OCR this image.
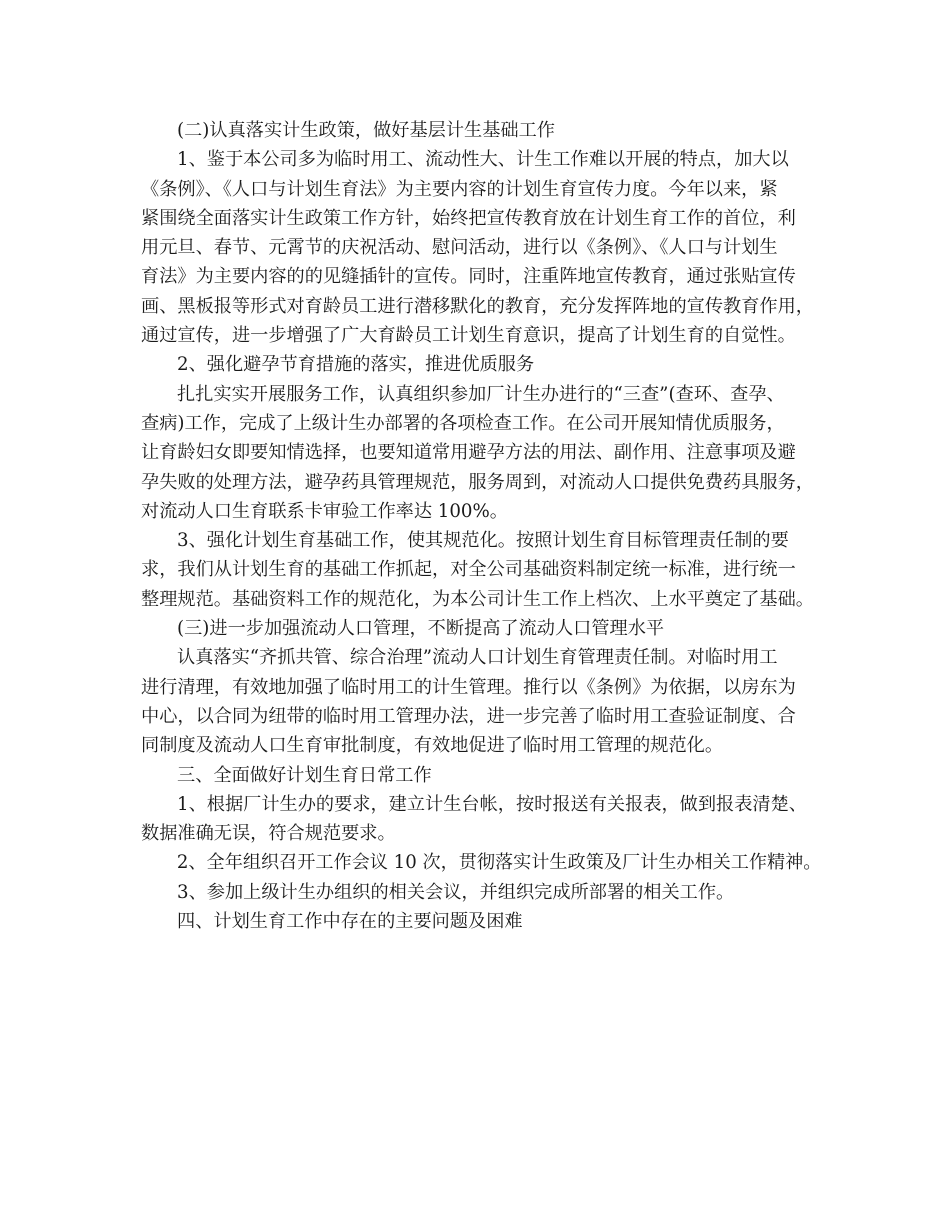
(二)认真落实计生政策，做好基层计生基础工作
1、鉴于本公司多为临时用工、流动性大、计生工作难以开展的特点，加大以
《条例》、《人口与计划生育法》为主要内容的计划生育宣传力度。今年以来，紧
紧围绕全面落实计生政策工作方针，始终把宣传教育放在计划生育工作的首位，利
用元旦、春节、元霄节的庆祝活动、慰问活动，进行以《条例》、《人口与计划生
育法》为主要内容的的见缝插针的宣传。同时，注重阵地宣传教育，通过张贴宣传
画、黑板报等形式对育龄员工进行潜移默化的教育，充分发挥阵地的宣传教育作用，
通过宣传，进一步增强了广大育龄员工计划生育意识，提高了计划生育的自觉性。
2、强化避孕节育措施的落实，推进优质服务
扎扎实实开展服务工作，认真组织参加厂计生办进行的“三查”(查环、查孕、
查病)工作，完成了上级计生办部署的各项检查工作。在公司开展知情优质服务，
让育龄妇女即要知情选择，也要知道常用避孕方法的用法、副作用、注意事项及避
孕失败的处理方法，避孕药具管理规范，服务周到，对流动人口提供免费药具服务，
对流动人口生育联系卡审验工作率达 100%。
3、强化计划生育基础工作，使其规范化。按照计划生育目标管理责任制的要
求，我们从计划生育的基础工作抓起，对全公司基础资料制定统一标准，进行统一
整理规范。基础资料工作的规范化，为本公司计生工作上档次、上水平奠定了基础。
(三)进一步加强流动人口管理，不断提高了流动人口管理水平
认真落实“齐抓共管、综合治理”流动人口计划生育管理责任制。对临时用工
进行清理，有效地加强了临时用工的计生管理。推行以《条例》为依据，以房东为
中心，以合同为纽带的临时用工管理办法，进一步完善了临时用工查验证制度、合
同制度及流动人口生育审批制度，有效地促进了临时用工管理的规范化。
三、全面做好计划生育日常工作
1、根据厂计生办的要求，建立计生台帐，按时报送有关报表，做到报表清楚、
数据准确无误，符合规范要求。
2、全年组织召开工作会议 10 次，贯彻落实计生政策及厂计生办相关工作精神。
3、参加上级计生办组织的相关会议，并组织完成所部署的相关工作。
四、计划生育工作中存在的主要问题及困难
